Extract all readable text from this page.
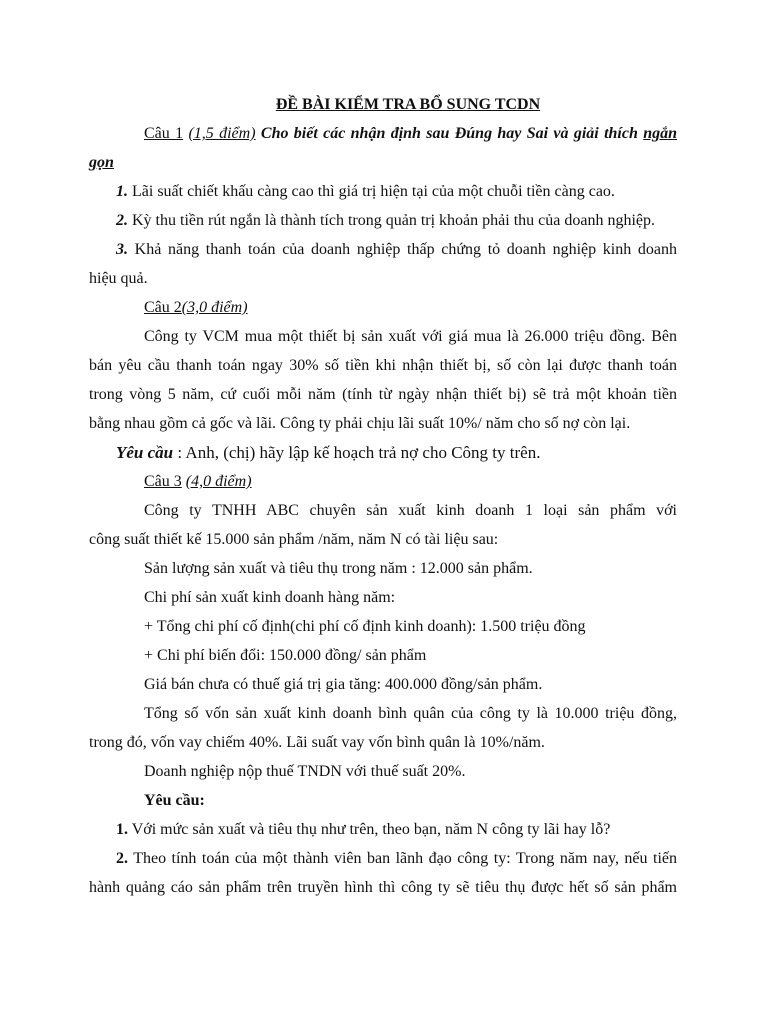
ĐỀ BÀI KIỂM TRA BỔ SUNG TCDN
Câu 1 (1,5 điểm) Cho biết các nhận định sau Đúng hay Sai và giải thích ngắn
gọn
1. Lãi suất chiết khấu càng cao thì giá trị hiện tại của một chuỗi tiền càng cao.
2. Kỳ thu tiền rút ngắn là thành tích trong quản trị khoản phải thu của doanh nghiệp.
3. Khả năng thanh toán của doanh nghiệp thấp chứng tỏ doanh nghiệp kinh doanh
hiệu quả.
Câu 2(3,0 điểm)
Công ty VCM mua một thiết bị sản xuất với giá mua là 26.000 triệu đồng. Bên
bán yêu cầu thanh toán ngay 30% số tiền khi nhận thiết bị, số còn lại được thanh toán
trong vòng 5 năm, cứ cuối mỗi năm (tính từ ngày nhận thiết bị) sẽ trả một khoản tiền
bằng nhau gồm cả gốc và lãi. Công ty phải chịu lãi suất 10%/ năm cho số nợ còn lại.
Yêu cầu : Anh, (chị) hãy lập kế hoạch trả nợ cho Công ty trên.
Câu 3 (4,0 điểm)
Công ty TNHH ABC chuyên sản xuất kinh doanh 1 loại sản phẩm với
công suất thiết kế 15.000 sản phẩm /năm, năm N có tài liệu sau:
Sản lượng sản xuất và tiêu thụ trong năm : 12.000 sản phẩm.
Chi phí sản xuất kinh doanh hàng năm:
+ Tổng chi phí cố định(chi phí cố định kinh doanh): 1.500 triệu đồng
+ Chi phí biến đổi: 150.000 đồng/ sản phẩm
Giá bán chưa có thuế giá trị gia tăng: 400.000 đồng/sản phẩm.
Tổng số vốn sản xuất kinh doanh bình quân của công ty là 10.000 triệu đồng,
trong đó, vốn vay chiếm 40%. Lãi suất vay vốn bình quân là 10%/năm.
Doanh nghiệp nộp thuế TNDN với thuế suất 20%.
Yêu cầu:
1. Với mức sản xuất và tiêu thụ như trên, theo bạn, năm N công ty lãi hay lỗ?
2. Theo tính toán của một thành viên ban lãnh đạo công ty: Trong năm nay, nếu tiến
hành quảng cáo sản phẩm trên truyền hình thì công ty sẽ tiêu thụ được hết số sản phẩm
